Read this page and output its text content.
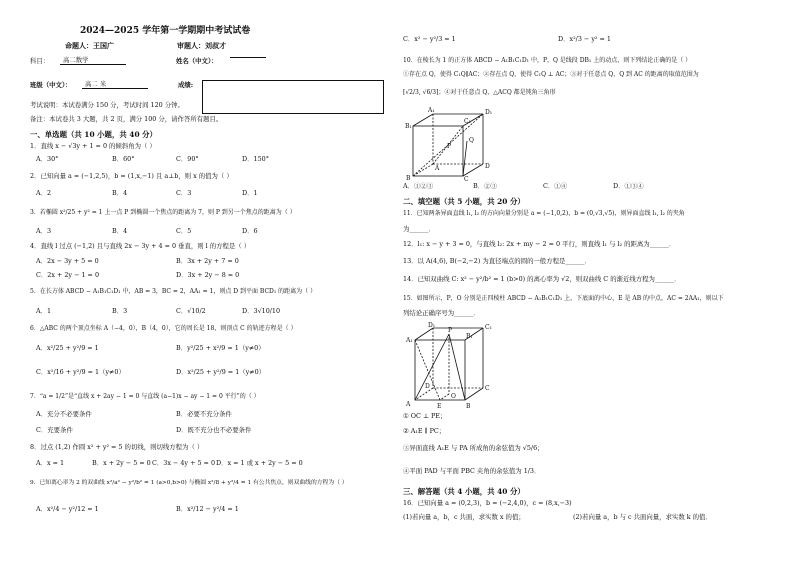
2024—2025 学年第一学期期中考试试卷
命题人：王国广	审题人：刘叔才
科目：	高二数学	姓名（中文）：
班级（中文）：	高二 米	成绩:
考试说明：本试卷满分 150 分，考试时间 120 分钟。
备注：本试卷共 3 大题，共 2 页，满分 100 分，请作答所有题目。
一、单选题（共 10 小题，共 40 分）
1．直线 x − √3y + 1 = 0 的倾斜角为（ ）
A．30°	B．60°	C．90°	D．150°
2．已知向量 a = (−1,2,5)，b = (1,x,−1) 且 a⊥b，则 x 的值为（ ）
A．2	B．4	C．3	D．1
3．若椭圆 x²/25 + y² = 1 上一点 P 到椭圆一个焦点的距离为 7，则 P 到另一个焦点的距离为（ ）
A．3	B．4	C．5	D．6
4．直线 l 过点 (−1,2) 且与直线 2x − 3y + 4 = 0 垂直，则 l 的方程是（ ）
A．2x − 3y + 5 = 0	B．3x + 2y + 7 = 0
C．2x + 2y − 1 = 0	D．3x + 2y − 8 = 0
5．在长方体 ABCD − A₁B₁C₁D₁ 中，AB = 3，BC = 2，AA₁ = 1，则点 D 到平面 BCD₁ 的距离为（ ）
A．1	B．3	C．√10/2	D．3√10/10
6．△ABC 的两个顶点坐标 A（−4，0），B（4，0），它的周长是 18，则顶点 C 的轨迹方程是（ ）
A．x²/25 + y²/9 = 1	B．y²/25 + x²/9 = 1（y≠0）
C．x²/16 + y²/9 = 1（y≠0）	D．x²/25 + y²/9 = 1（y≠0）
7．“a = 1/2”是“直线 x + 2ay − 1 = 0 与直线 (a−1)x − ay − 1 = 0 平行”的（ ）
A．充分不必要条件	B．必要不充分条件
C．充要条件	D．既不充分也不必要条件
8．过点 (1,2) 作圆 x² + y² = 5 的切线，则切线方程为（ ）
A．x = 1	B．x + 2y − 5 = 0 C．3x − 4y + 5 = 0 D．x = 1 或 x + 2y − 5 = 0
9．已知离心率为 2 的双曲线 x²/a² − y²/b² = 1 (a>0,b>0) 与椭圆 x²/8 + y²/4 = 1 有公共焦点，则双曲线的方程为（ ）
A．x²/4 − y²/12 = 1	B．x²/12 − y²/4 = 1
C．x² − y²/3 = 1	D．x²/3 − y² = 1
10．在棱长为 1 的正方体 ABCD − A₁B₁C₁D₁ 中，P，Q 是线段 DB₁ 上的动点，则下列结论正确的是（ ）
①存在点 Q，使得 C₁Q∥AC；②存在点 Q，使得 C₁Q ⊥ AC；③对于任意点 Q，Q 到 AC 的距离的取值范围为
[√2/3, √6/3]；④对于任意点 Q，△ACQ 都是钝角三角形
B₁
A₁	D₁
C₁
B
A	D
C
P
Q
A．①②③	B．②③	C．①④	D．①③④
二、填空题（共 5 小题，共 20 分）
11．已知两条异面直线 l₁, l₂ 的方向向量分别是 a = (−1,0,2)，b = (0,√3,√5)，则异面直线 l₁, l₂ 的夹角
为______．
12．l₁: x − y + 3 = 0，与直线 l₂: 2x + my − 2 = 0 平行，则直线 l₁ 与 l₂ 的距离为______．
13．以 A(4,6), B(−2,−2) 为直径端点的圆的一般方程是______．
14．已知双曲线 C: x² − y²/b² = 1 (b>0) 的离心率为 √2，则双曲线 C 的渐近线方程为______．
15．如图所示，P，O 分别是正四棱柱 ABCD − A₁B₁C₁D₁ 上，下底面的中心，E 是 AB 的中点，AC = 2AA₁，则以下
列结论正确序号为______．
A₁
D₁	C₁
B₁
A
D	C
B
E
O
P
① OC ⊥ PE；
② A₁E ∥ PC；
③异面直线 A₁E 与 PA 所成角的余弦值为 √5/6；
④平面 PAD 与平面 PBC 夹角的余弦值为 1/3．
三、解答题（共 4 小题，共 40 分）
16．已知向量 a = (0,2,3)，b = (−2,4,0)，c = (8,x,−3)
(1)若向量 a，b，c 共面，求实数 x 的值；	(2)若向量 a，b 与 c 共面向量，求实数 k 的值．
